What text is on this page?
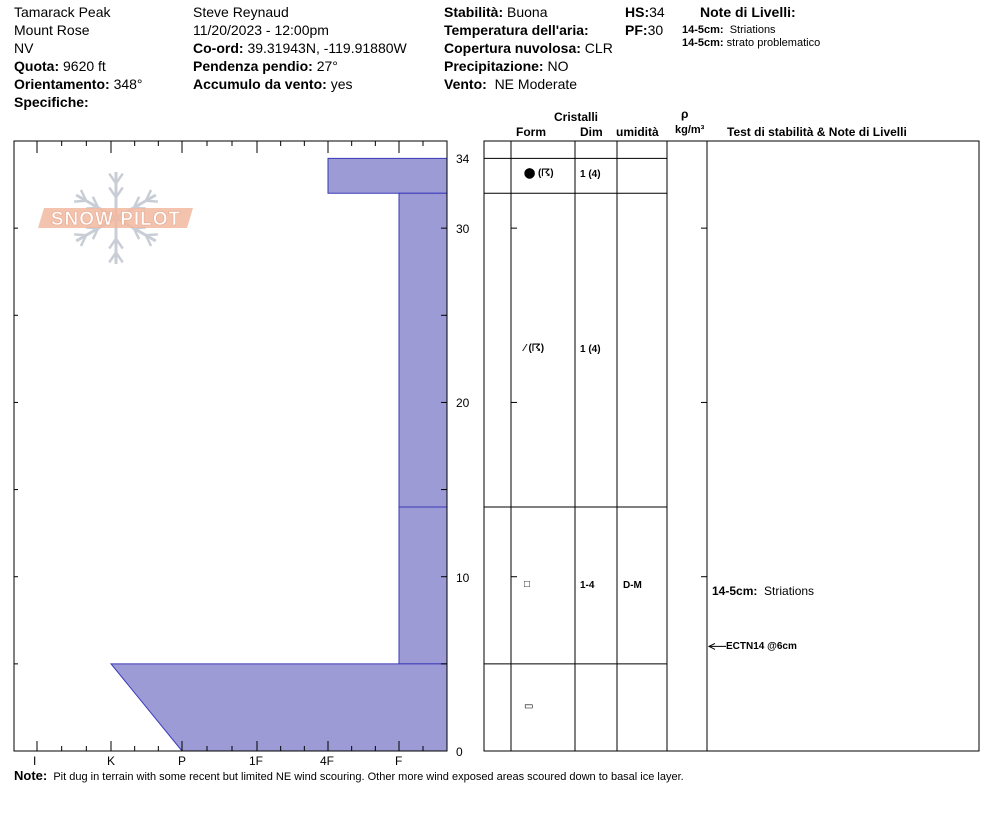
Tamarack Peak
Mount Rose
NV
Quota: 9620 ft
Orientamento: 348°
Specifiche:
Steve Reynaud
11/20/2023 - 12:00pm
Co-ord: 39.31943N, -119.91880W
Pendenza pendio: 27°
Accumulo da vento: yes
Stabilità: Buona
Temperatura dell'aria:
Copertura nuvolosa: CLR
Precipitazione: NO
Vento: NE Moderate
HS:34
PF:30
Note di Livelli:
14-5cm: Striations
14-5cm: strato problematico
Cristalli
Form	Dim umidità
ρ
kg/m³ Test di stabilità & Note di Livelli
SNOW PILOT
0
10
20
30
34
I	K	P	1F	4F	F
⬤ (☈)	1 (4)
⁄ (☈)	1 (4)
□	1-4	D-M
▭
14-5cm: Striations
ECTN14 @6cm
Note: Pit dug in terrain with some recent but limited NE wind scouring. Other more wind exposed areas scoured down to basal ice layer.
